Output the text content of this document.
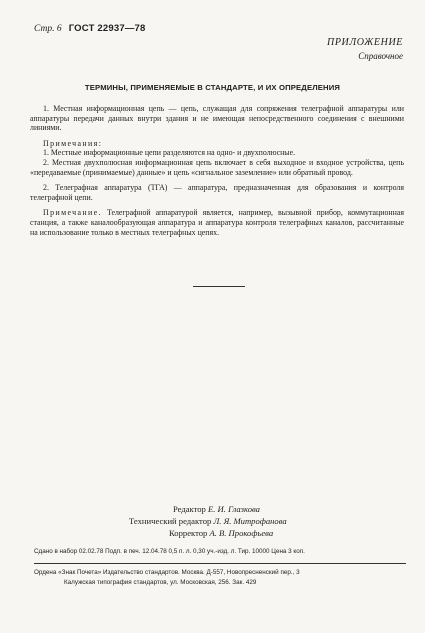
Стр. 6 ГОСТ 22937—78
ПРИЛОЖЕНИЕ
Справочное
ТЕРМИНЫ, ПРИМЕНЯЕМЫЕ В СТАНДАРТЕ, И ИХ ОПРЕДЕЛЕНИЯ

1. Местная информационная цепь — цепь, служащая для сопряжения телеграфной аппаратуры или аппаратуры передачи данных внутри здания и не имеющая непосредственного соединения с внешними линиями.

Примечания:

1. Местные информационные цепи разделяются на одно- и двухполюсные.

2. Местная двухполюсная информационная цепь включает в себя выходное и входное устройства, цепь «передаваемые (принимаемые) данные» и цепь «сигнальное заземление» или обратный провод.

2. Телеграфная аппаратура (ТГА) — аппаратура, предназначенная для образования и контроля телеграфной цепи.

Примечание. Телеграфной аппаратурой является, например, вызывной прибор, коммутационная станция, а также каналообразующая аппаратура и аппаратура контроля телеграфных каналов, рассчитанные на использование только в местных телеграфных цепях.

Редактор Е. И. Глазкова
Технический редактор Л. Я. Митрофанова
Корректор А. В. Прокофьева
Сдано в набор 02.02.78 Подп. в печ. 12.04.78 0,5 п. л. 0,30 уч.-изд. л. Тир. 10000 Цена 3 коп.
Ордена «Знак Почета» Издательство стандартов. Москва. Д-557, Новопресненский пер., 3
Калужская типография стандартов, ул. Московская, 256. Зак. 429
